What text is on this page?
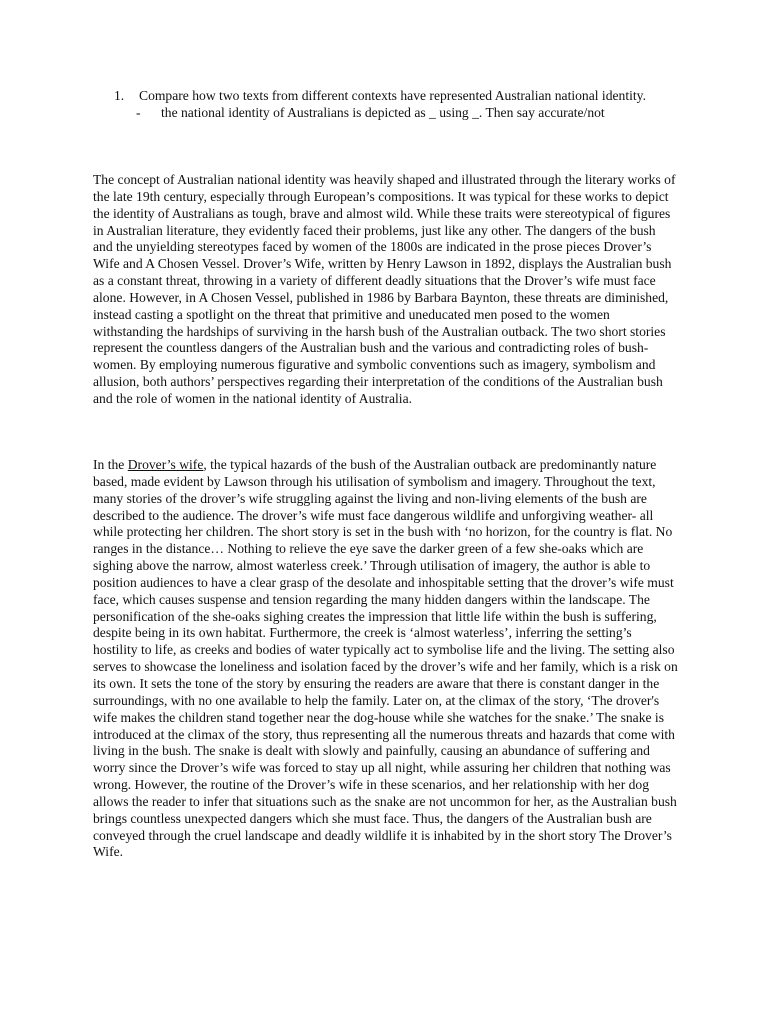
1. Compare how two texts from different contexts have represented Australian national identity.
- the national identity of Australians is depicted as _ using _. Then say accurate/not

The concept of Australian national identity was heavily shaped and illustrated through the literary works of the late 19th century, especially through European’s compositions. It was typical for these works to depict the identity of Australians as tough, brave and almost wild. While these traits were stereotypical of figures in Australian literature, they evidently faced their problems, just like any other. The dangers of the bush and the unyielding stereotypes faced by women of the 1800s are indicated in the prose pieces Drover’s Wife and A Chosen Vessel. Drover’s Wife, written by Henry Lawson in 1892, displays the Australian bush as a constant threat, throwing in a variety of different deadly situations that the Drover’s wife must face alone. However, in A Chosen Vessel, published in 1986 by Barbara Baynton, these threats are diminished, instead casting a spotlight on the threat that primitive and uneducated men posed to the women withstanding the hardships of surviving in the harsh bush of the Australian outback. The two short stories represent the countless dangers of the Australian bush and the various and contradicting roles of bush-women. By employing numerous figurative and symbolic conventions such as imagery, symbolism and allusion, both authors’ perspectives regarding their interpretation of the conditions of the Australian bush and the role of women in the national identity of Australia.

In the Drover’s wife, the typical hazards of the bush of the Australian outback are predominantly nature based, made evident by Lawson through his utilisation of symbolism and imagery. Throughout the text, many stories of the drover’s wife struggling against the living and non-living elements of the bush are described to the audience. The drover’s wife must face dangerous wildlife and unforgiving weather- all while protecting her children. The short story is set in the bush with ‘no horizon, for the country is flat. No ranges in the distance… Nothing to relieve the eye save the darker green of a few she-oaks which are sighing above the narrow, almost waterless creek.’ Through utilisation of imagery, the author is able to position audiences to have a clear grasp of the desolate and inhospitable setting that the drover’s wife must face, which causes suspense and tension regarding the many hidden dangers within the landscape. The personification of the she-oaks sighing creates the impression that little life within the bush is suffering, despite being in its own habitat. Furthermore, the creek is ‘almost waterless’, inferring the setting’s hostility to life, as creeks and bodies of water typically act to symbolise life and the living. The setting also serves to showcase the loneliness and isolation faced by the drover’s wife and her family, which is a risk on its own. It sets the tone of the story by ensuring the readers are aware that there is constant danger in the surroundings, with no one available to help the family. Later on, at the climax of the story, ‘The drover's wife makes the children stand together near the dog-house while she watches for the snake.’ The snake is introduced at the climax of the story, thus representing all the numerous threats and hazards that come with living in the bush. The snake is dealt with slowly and painfully, causing an abundance of suffering and worry since the Drover’s wife was forced to stay up all night, while assuring her children that nothing was wrong. However, the routine of the Drover’s wife in these scenarios, and her relationship with her dog allows the reader to infer that situations such as the snake are not uncommon for her, as the Australian bush brings countless unexpected dangers which she must face. Thus, the dangers of the Australian bush are conveyed through the cruel landscape and deadly wildlife it is inhabited by in the short story The Drover’s Wife.
